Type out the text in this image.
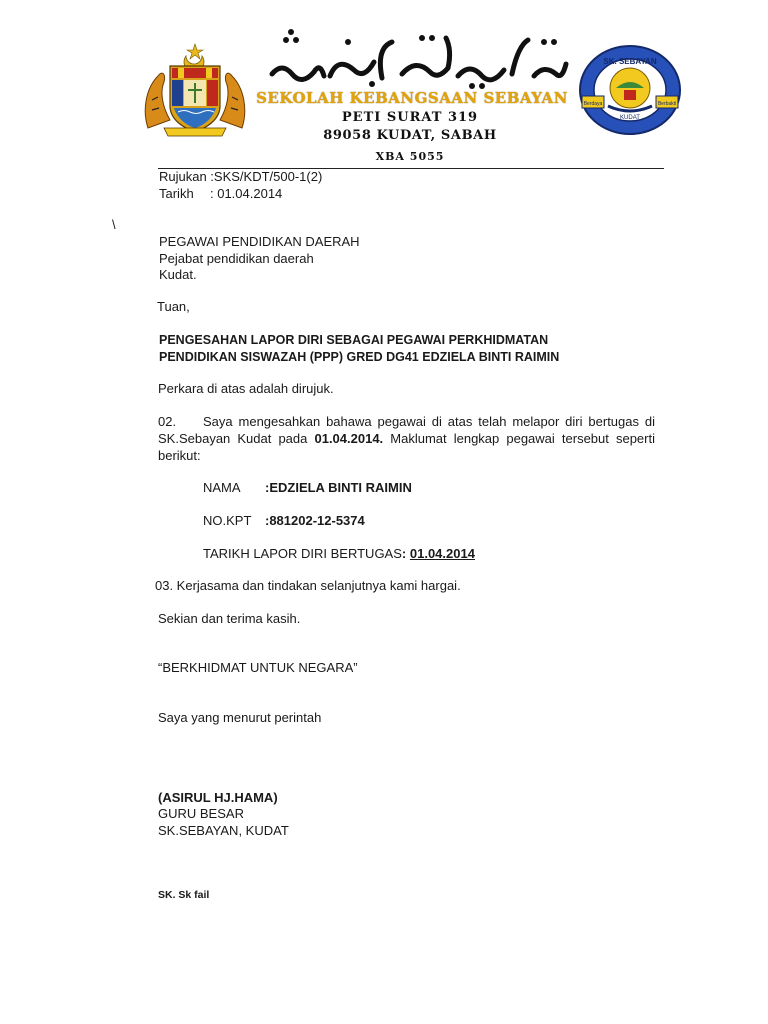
SEKOLAH KEBANGSAAN SEBAYAN
PETI SURAT 319
89058 KUDAT, SABAH
XBA 5055
SK. SEBAYAN
Berdaya	Berbakti
KUDAT
Rujukan :SKS/KDT/500-1(2)
Tarikh : 01.04.2014
\
PEGAWAI PENDIDIKAN DAERAH
Pejabat pendidikan daerah
Kudat.
Tuan,
PENGESAHAN LAPOR DIRI SEBAGAI PEGAWAI PERKHIDMATAN
PENDIDIKAN SISWAZAH (PPP) GRED DG41 EDZIELA BINTI RAIMIN
Perkara di atas adalah dirujuk.
02. Saya mengesahkan bahawa pegawai di atas telah melapor diri bertugas di SK.Sebayan Kudat pada 01.04.2014. Maklumat lengkap pegawai tersebut seperti berikut:
NAMA :EDZIELA BINTI RAIMIN
NO.KPT :881202-12-5374
TARIKH LAPOR DIRI BERTUGAS: 01.04.2014
03. Kerjasama dan tindakan selanjutnya kami hargai.
Sekian dan terima kasih.
“BERKHIDMAT UNTUK NEGARA”
Saya yang menurut perintah
(ASIRUL HJ.HAMA)
GURU BESAR
SK.SEBAYAN, KUDAT
SK. Sk fail
